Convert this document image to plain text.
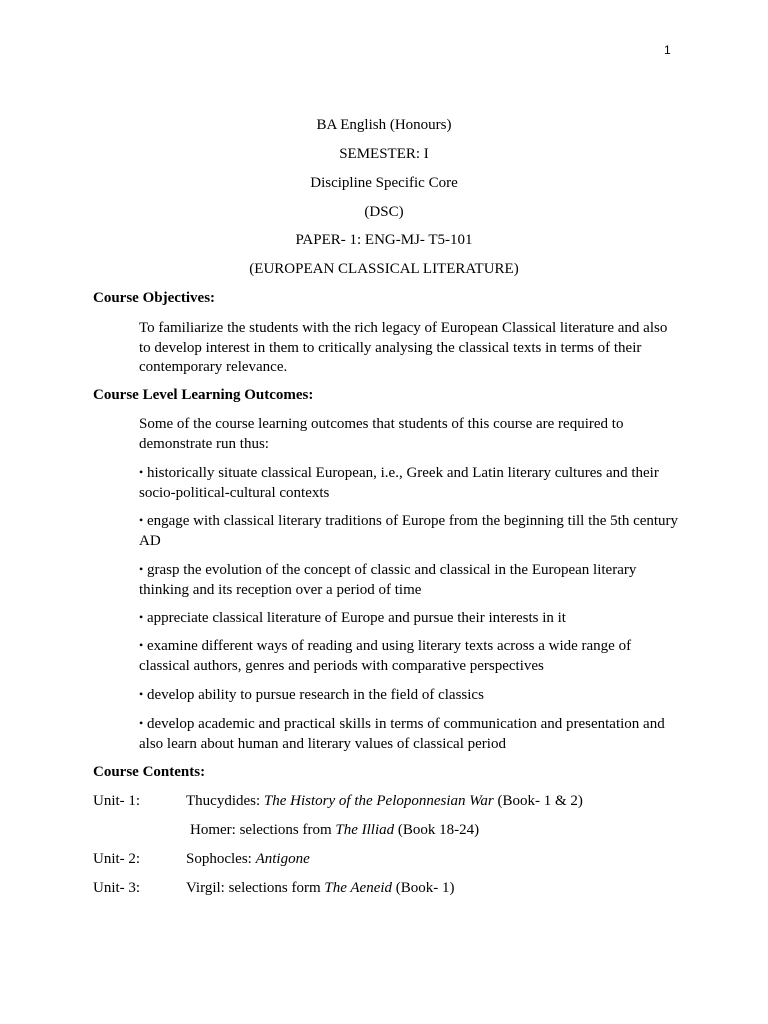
1
BA English (Honours)
SEMESTER: I
Discipline Specific Core
(DSC)
PAPER- 1: ENG-MJ- T5-101
(EUROPEAN CLASSICAL LITERATURE)
Course Objectives:
To familiarize the students with the rich legacy of European Classical literature and also to develop interest in them to critically analysing the classical texts in terms of their contemporary relevance.
Course Level Learning Outcomes:
Some of the course learning outcomes that students of this course are required to demonstrate run thus:
• historically situate classical European, i.e., Greek and Latin literary cultures and their socio-political-cultural contexts
• engage with classical literary traditions of Europe from the beginning till the 5th century AD
• grasp the evolution of the concept of classic and classical in the European literary thinking and its reception over a period of time
• appreciate classical literature of Europe and pursue their interests in it
• examine different ways of reading and using literary texts across a wide range of classical authors, genres and periods with comparative perspectives
• develop ability to pursue research in the field of classics
• develop academic and practical skills in terms of communication and presentation and also learn about human and literary values of classical period
Course Contents:
Unit- 1:	Thucydides: The History of the Peloponnesian War (Book- 1 & 2)
Homer: selections from The Illiad (Book 18-24)
Unit- 2:	Sophocles: Antigone
Unit- 3:	Virgil: selections form The Aeneid (Book- 1)
